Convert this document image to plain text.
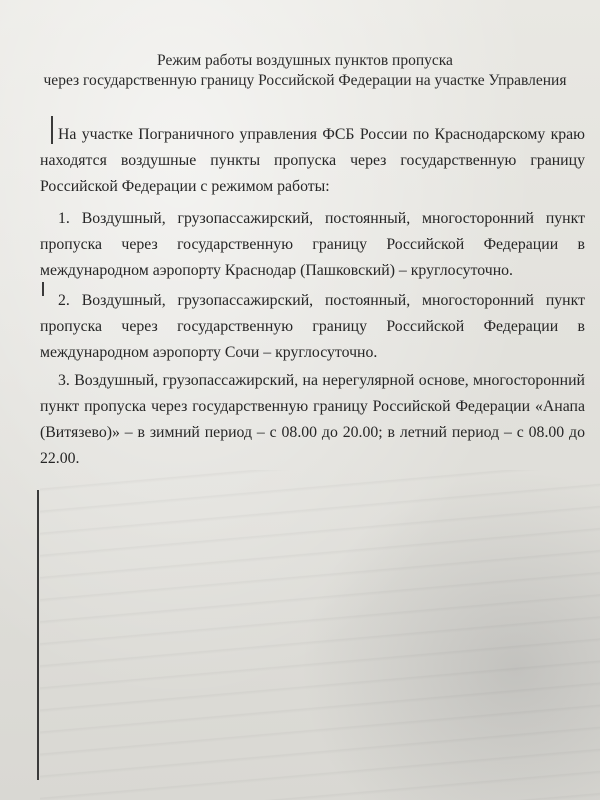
Режим работы воздушных пунктов пропуска
через государственную границу Российской Федерации на участке Управления

На участке Пограничного управления ФСБ России по Краснодарскому краю находятся воздушные пункты пропуска через государственную границу Российской Федерации с режимом работы:

1. Воздушный, грузопассажирский, постоянный, многосторонний пункт пропуска через государственную границу Российской Федерации в международном аэропорту Краснодар (Пашковский) – круглосуточно.

2. Воздушный, грузопассажирский, постоянный, многосторонний пункт пропуска через государственную границу Российской Федерации в международном аэропорту Сочи – круглосуточно.

3. Воздушный, грузопассажирский, на нерегулярной основе, многосторонний пункт пропуска через государственную границу Российской Федерации «Анапа (Витязево)» – в зимний период – с 08.00 до 20.00; в летний период – с 08.00 до 22.00.
